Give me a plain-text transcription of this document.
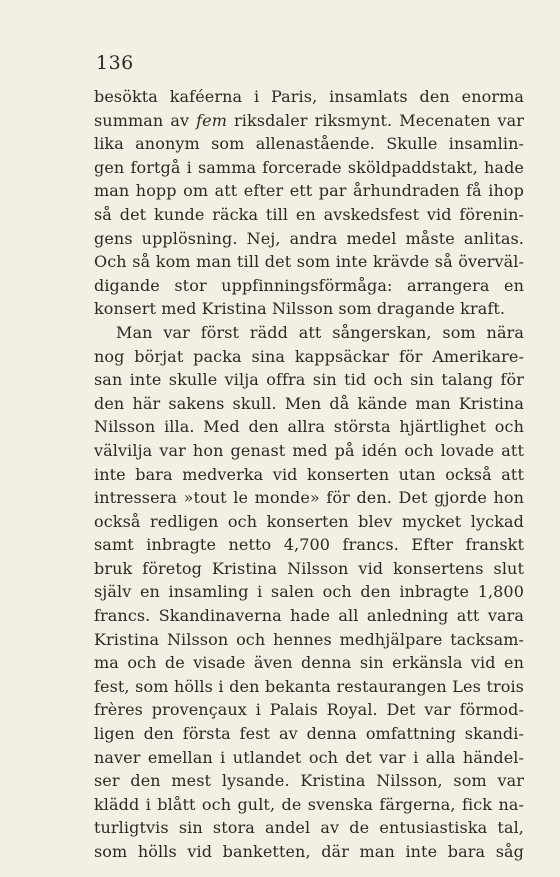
136
besökta kaféerna i Paris, insamlats den enorma
summan av fem riksdaler riksmynt. Mecenaten var
lika anonym som allenastående. Skulle insamlin-
gen fortgå i samma forcerade sköldpaddstakt, hade
man hopp om att efter ett par århundraden få ihop
så det kunde räcka till en avskedsfest vid förenin-
gens upplösning. Nej, andra medel måste anlitas.
Och så kom man till det som inte krävde så överväl-
digande stor uppfinningsförmåga: arrangera en
konsert med Kristina Nilsson som dragande kraft.
Man var först rädd att sångerskan, som nära
nog börjat packa sina kappsäckar för Amerikare-
san inte skulle vilja offra sin tid och sin talang för
den här sakens skull. Men då kände man Kristina
Nilsson illa. Med den allra största hjärtlighet och
välvilja var hon genast med på idén och lovade att
inte bara medverka vid konserten utan också att
intressera »tout le monde» för den. Det gjorde hon
också redligen och konserten blev mycket lyckad
samt inbragte netto 4,700 francs. Efter franskt
bruk företog Kristina Nilsson vid konsertens slut
själv en insamling i salen och den inbragte 1,800
francs. Skandinaverna hade all anledning att vara
Kristina Nilsson och hennes medhjälpare tacksam-
ma och de visade även denna sin erkänsla vid en
fest, som hölls i den bekanta restaurangen Les trois
frères provençaux i Palais Royal. Det var förmod-
ligen den första fest av denna omfattning skandi-
naver emellan i utlandet och det var i alla händel-
ser den mest lysande. Kristina Nilsson, som var
klädd i blått och gult, de svenska färgerna, fick na-
turligtvis sin stora andel av de entusiastiska tal,
som hölls vid banketten, där man inte bara såg
